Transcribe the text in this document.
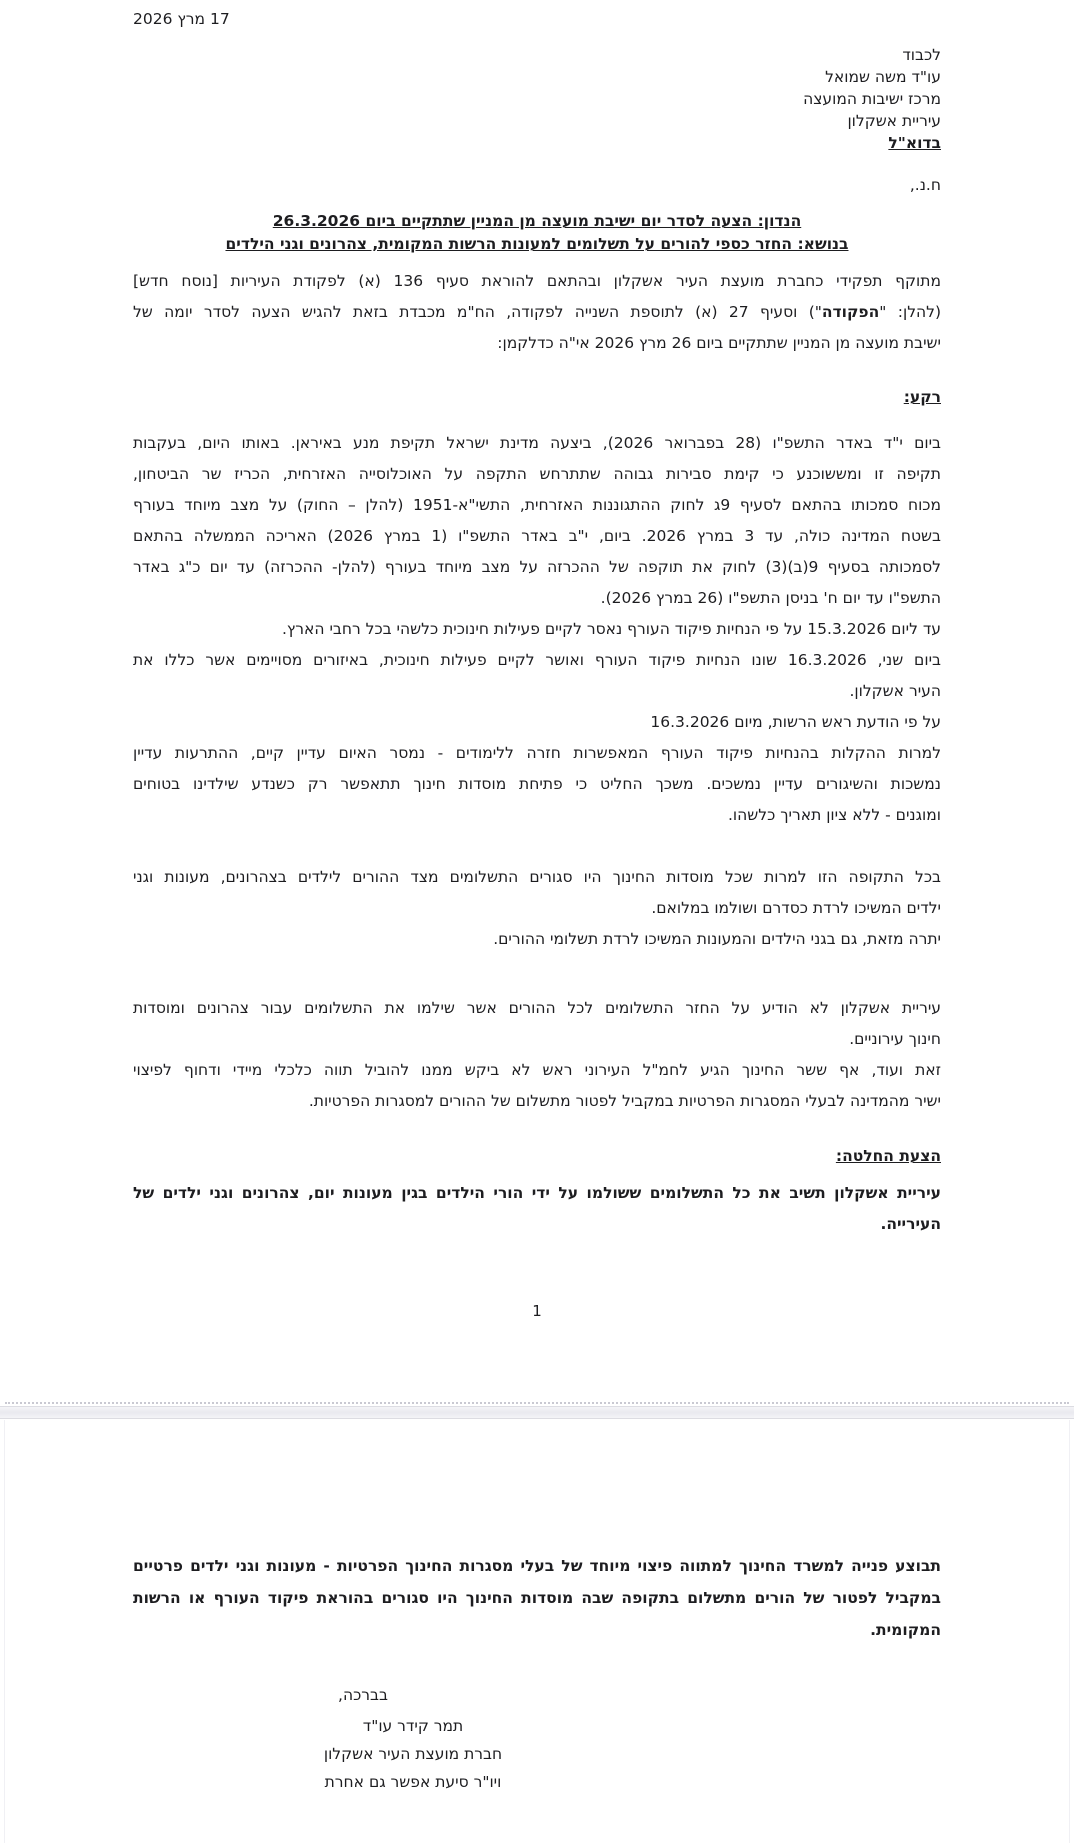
17 מרץ 2026
לכבוד
עו"ד משה שמואל
מרכז ישיבות המועצה
עיריית אשקלון
בדוא"ל
ח.נ.,
הנדון: הצעה לסדר יום ישיבת מועצה מן המניין שתתקיים ביום 26.3.2026
בנושא: החזר כספי להורים על תשלומים למעונות הרשות המקומית, צהרונים וגני הילדים
מתוקף תפקידי כחברת מועצת העיר אשקלון ובהתאם להוראת סעיף 136 (א) לפקודת העיריות [נוסח חדש]
(להלן: "הפקודה") וסעיף 27 (א) לתוספת השנייה לפקודה, הח"מ מכבדת בזאת להגיש הצעה לסדר יומה של
ישיבת מועצה מן המניין שתתקיים ביום 26 מרץ 2026 אי"ה כדלקמן:
רקע:
ביום י"ד באדר התשפ"ו (28 בפברואר 2026), ביצעה מדינת ישראל תקיפת מנע באיראן. באותו היום, בעקבות
תקיפה זו ומששוכנע כי קימת סבירות גבוהה שתתרחש התקפה על האוכלוסייה האזרחית, הכריז שר הביטחון,
מכוח סמכותו בהתאם לסעיף 9ג לחוק ההתגוננות האזרחית, התשי"א-1951 (להלן – החוק) על מצב מיוחד בעורף
בשטח המדינה כולה, עד 3 במרץ 2026. ביום, י"ב באדר התשפ"ו (1 במרץ 2026) האריכה הממשלה בהתאם
לסמכותה בסעיף 9(ב)(3) לחוק את תוקפה של ההכרזה על מצב מיוחד בעורף (להלן- ההכרזה) עד יום כ"ג באדר
התשפ"ו עד יום ח' בניסן התשפ"ו (26 במרץ 2026).
עד ליום 15.3.2026 על פי הנחיות פיקוד העורף נאסר לקיים פעילות חינוכית כלשהי בכל רחבי הארץ.
ביום שני, 16.3.2026 שונו הנחיות פיקוד העורף ואושר לקיים פעילות חינוכית, באיזורים מסויימים אשר כללו את
העיר אשקלון.
על פי הודעת ראש הרשות, מיום 16.3.2026
למרות ההקלות בהנחיות פיקוד העורף המאפשרות חזרה ללימודים - נמסר האיום עדיין קיים, ההתרעות עדיין
נמשכות והשיגורים עדיין נמשכים. משכך החליט כי פתיחת מוסדות חינוך תתאפשר רק כשנדע שילדינו בטוחים
ומוגנים - ללא ציון תאריך כלשהו.
בכל התקופה הזו למרות שכל מוסדות החינוך היו סגורים התשלומים מצד ההורים לילדים בצהרונים, מעונות וגני
ילדים המשיכו לרדת כסדרם ושולמו במלואם.
יתרה מזאת, גם בגני הילדים והמעונות המשיכו לרדת תשלומי ההורים.
עיריית אשקלון לא הודיע על החזר התשלומים לכל ההורים אשר שילמו את התשלומים עבור צהרונים ומוסדות
חינוך עירוניים.
זאת ועוד, אף ששר החינוך הגיע לחמ"ל העירוני ראש לא ביקש ממנו להוביל תווה כלכלי מיידי ודחוף לפיצוי
ישיר מהמדינה לבעלי המסגרות הפרטיות במקביל לפטור מתשלום של ההורים למסגרות הפרטיות.
הצעת החלטה:
עיריית אשקלון תשיב את כל התשלומים ששולמו על ידי הורי הילדים בגין מעונות יום, צהרונים וגני ילדים של
העירייה.
1
תבוצע פנייה למשרד החינוך למתווה פיצוי מיוחד של בעלי מסגרות החינוך הפרטיות - מעונות וגני ילדים פרטיים
במקביל לפטור של הורים מתשלום בתקופה שבה מוסדות החינוך היו סגורים בהוראת פיקוד העורף או הרשות
המקומית.
בברכה,
תמר קידר עו"ד
חברת מועצת העיר אשקלון
ויו"ר סיעת אפשר גם אחרת
